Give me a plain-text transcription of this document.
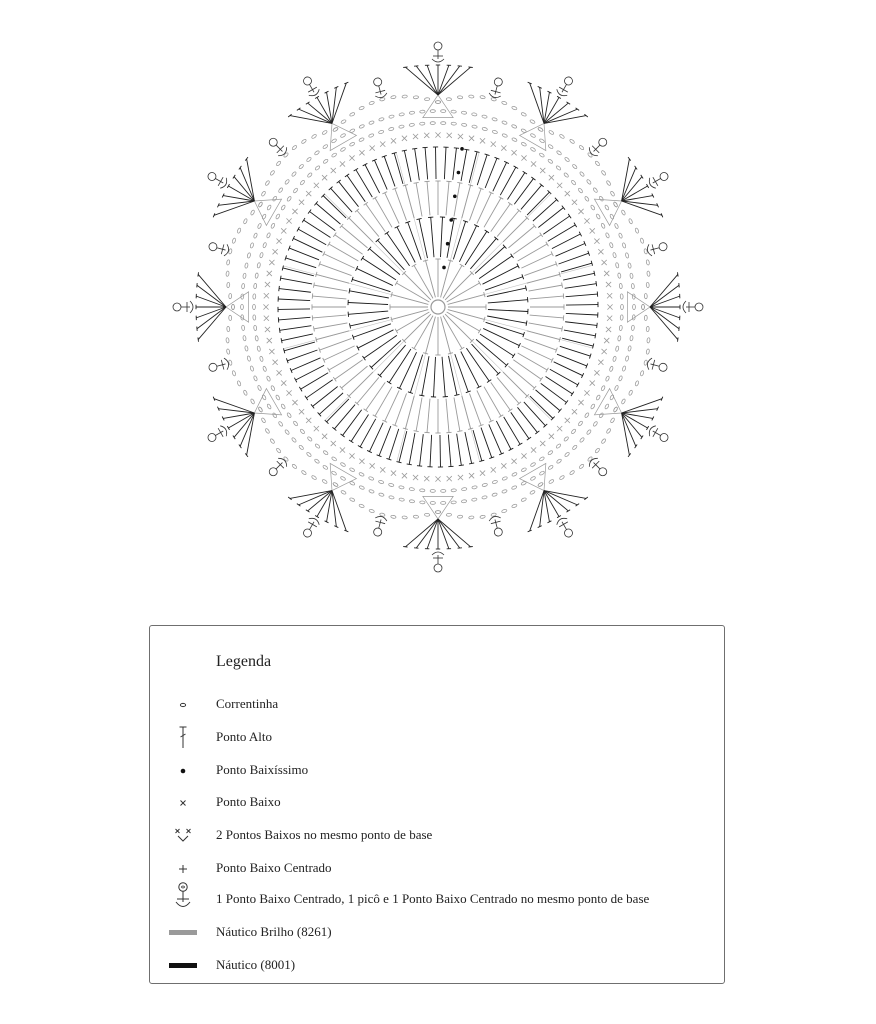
Legenda
Correntinha
Ponto Alto
Ponto Baixíssimo
Ponto Baixo
2 Pontos Baixos no mesmo ponto de base
Ponto Baixo Centrado
1 Ponto Baixo Centrado, 1 picô e 1 Ponto Baixo Centrado no mesmo ponto de base
Náutico Brilho (8261)
Náutico (8001)
